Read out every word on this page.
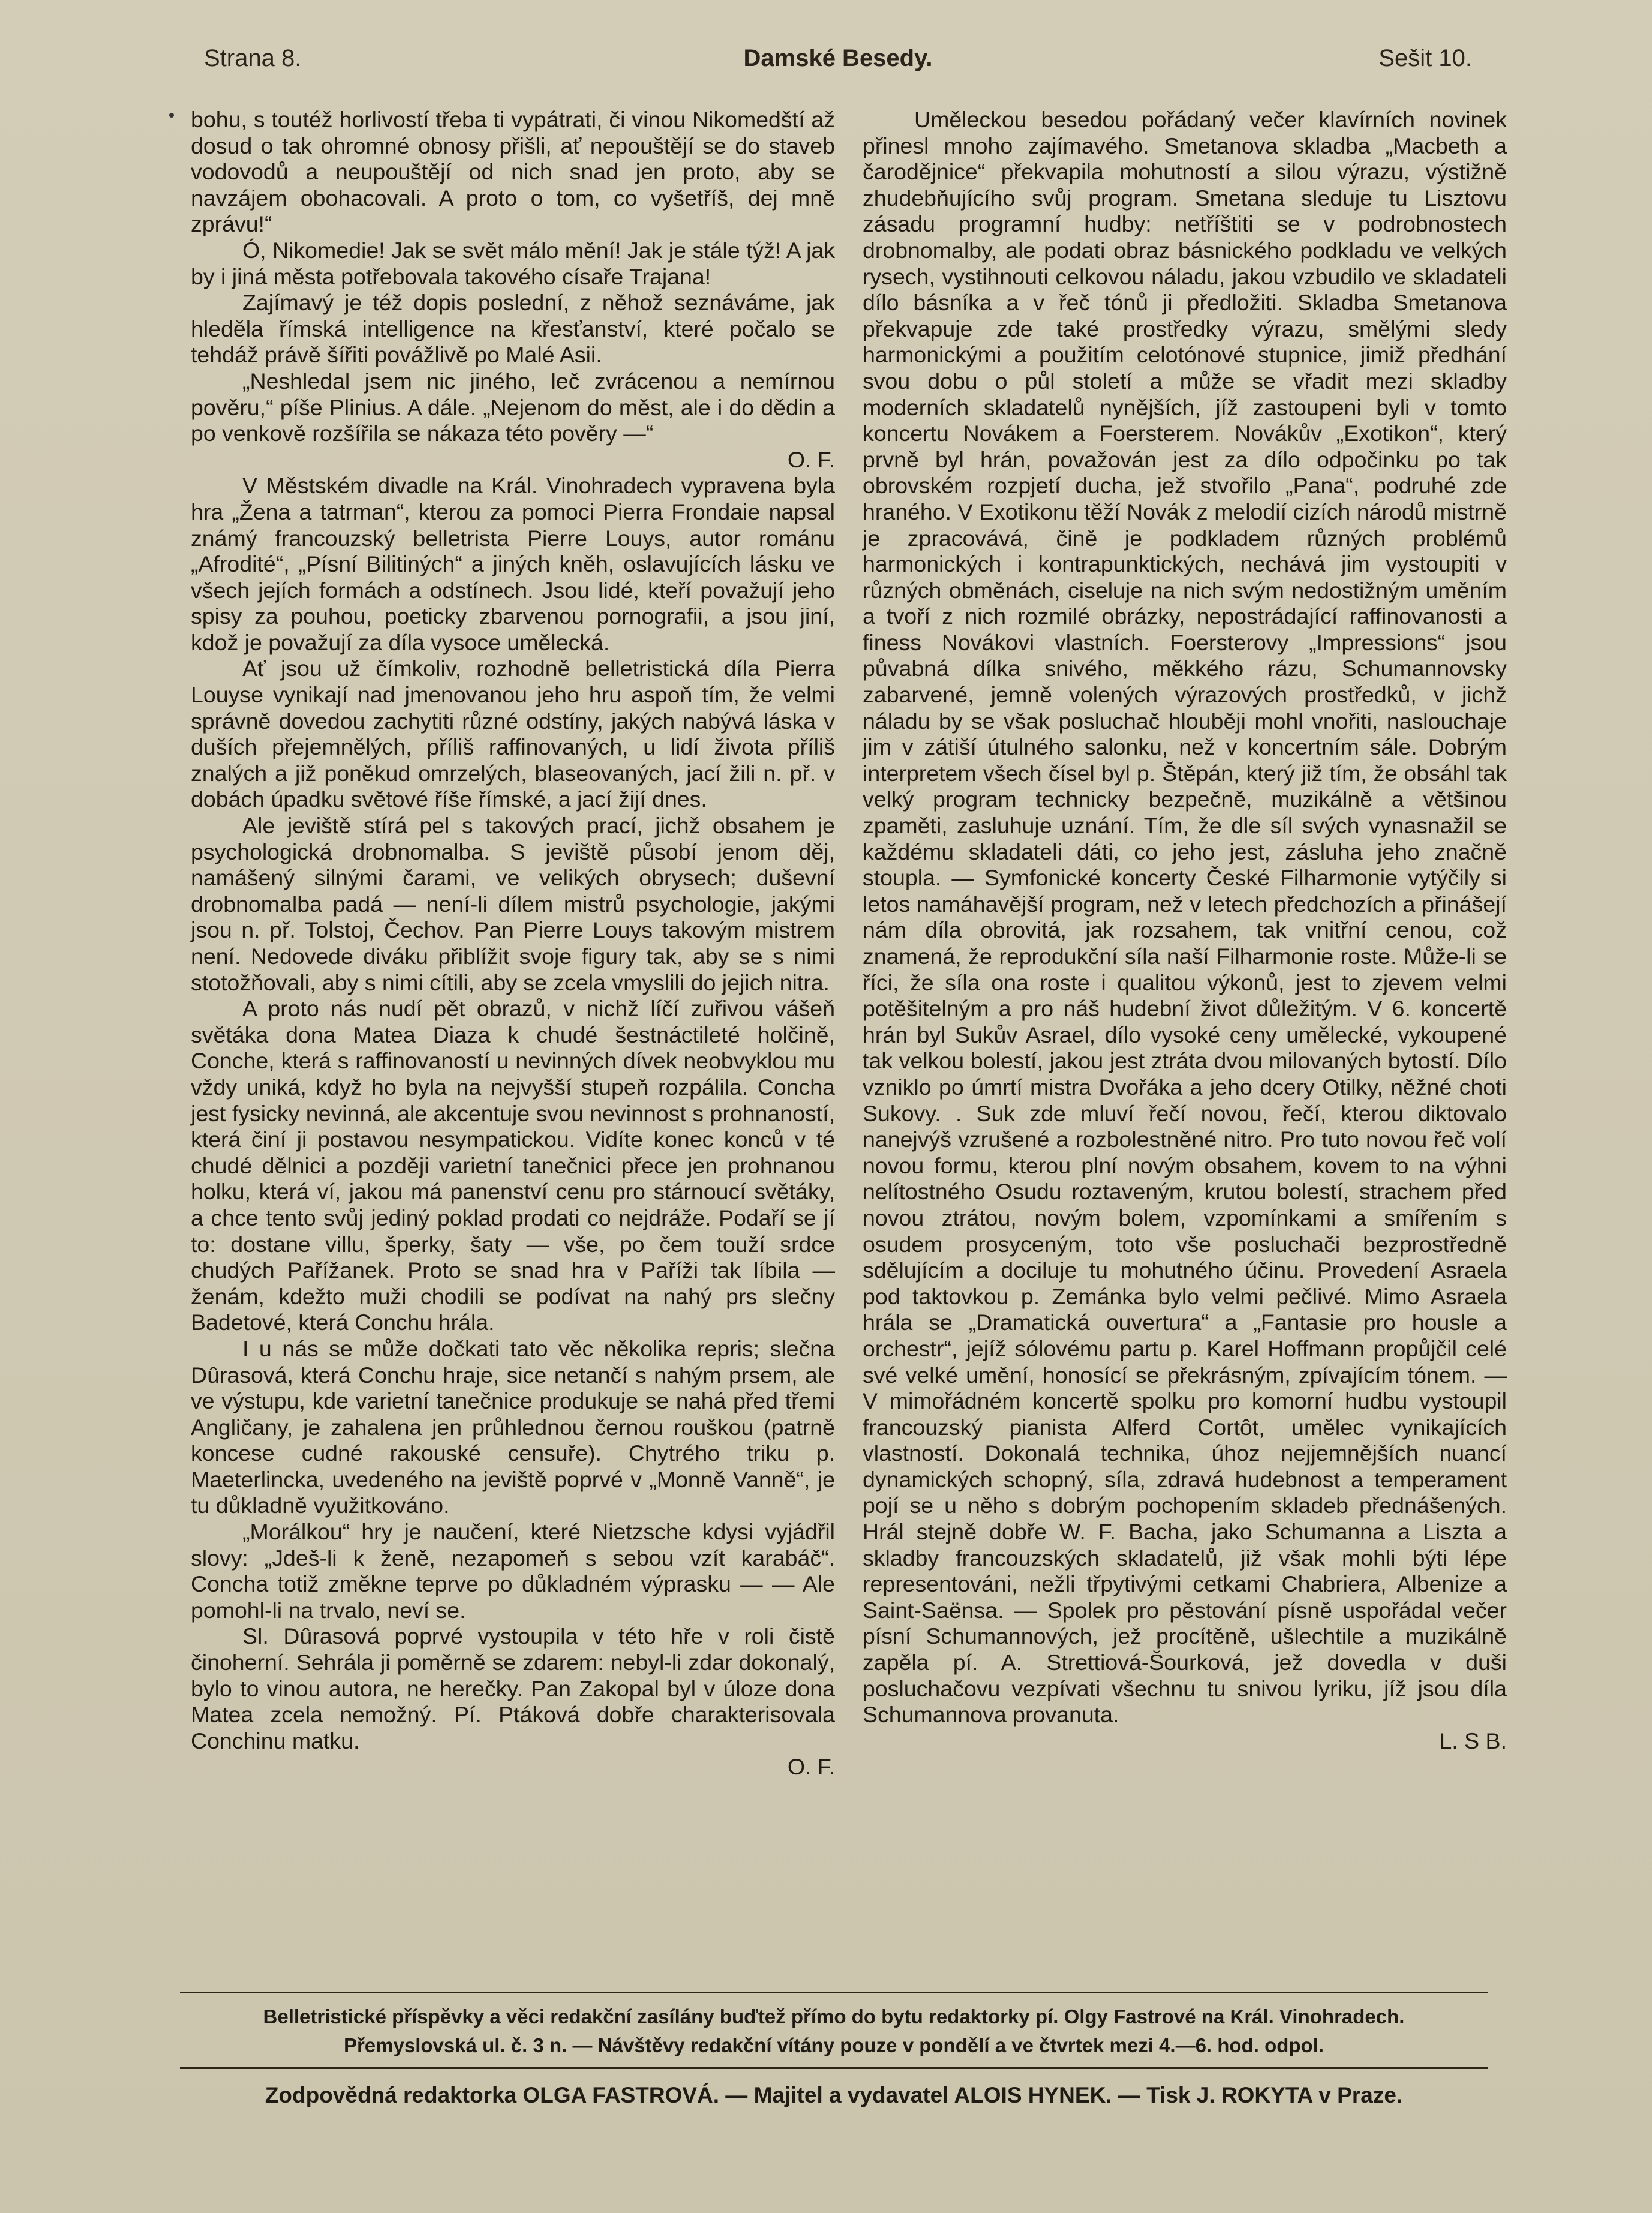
Strana 8.	Damské Besedy.	Sešit 10.

bohu, s toutéž horlivostí třeba ti vypátrati, či vinou Nikomedští až dosud o tak ohromné obnosy přišli, ať nepouštějí se do staveb vodovodů a neupouštějí od nich snad jen proto, aby se navzájem obohacovali. A proto o tom, co vyšetříš, dej mně zprávu!“

Ó, Nikomedie! Jak se svět málo mění! Jak je stále týž! A jak by i jiná města potřebovala takového císaře Trajana!

Zajímavý je též dopis poslední, z něhož seznáváme, jak hleděla římská intelligence na křesťanství, které počalo se tehdáž právě šířiti povážlivě po Malé Asii.

„Neshledal jsem nic jiného, leč zvrácenou a nemírnou pověru,“ píše Plinius. A dále. „Nejenom do měst, ale i do dědin a po venkově rozšířila se nákaza této pověry —“

O. F.

V Městském divadle na Král. Vinohradech vypravena byla hra „Žena a tatrman“, kterou za pomoci Pierra Frondaie napsal známý francouzský belletrista Pierre Louys, autor románu „Afrodité“, „Písní Bilitiných“ a jiných kněh, oslavujících lásku ve všech jejích formách a odstínech. Jsou lidé, kteří považují jeho spisy za pouhou, poeticky zbarvenou pornografii, a jsou jiní, kdož je považují za díla vysoce umělecká.

Ať jsou už čímkoliv, rozhodně belletristická díla Pierra Louyse vynikají nad jmenovanou jeho hru aspoň tím, že velmi správně dovedou zachytiti různé odstíny, jakých nabývá láska v duších přejemnělých, příliš raffinovaných, u lidí života příliš znalých a již poněkud omrzelých, blaseovaných, jací žili n. př. v dobách úpadku světové říše římské, a jací žijí dnes.

Ale jeviště stírá pel s takových prací, jichž obsahem je psychologická drobnomalba. S jeviště působí jenom děj, namášený silnými čarami, ve velikých obrysech; duševní drobnomalba padá — není-li dílem mistrů psychologie, jakými jsou n. př. Tolstoj, Čechov. Pan Pierre Louys takovým mistrem není. Nedovede diváku přiblížit svoje figury tak, aby se s nimi stotožňovali, aby s nimi cítili, aby se zcela vmyslili do jejich nitra.

A proto nás nudí pět obrazů, v nichž líčí zuřivou vášeň světáka dona Matea Diaza k chudé šestnáctileté holčině, Conche, která s raffinovaností u nevinných dívek neobvyklou mu vždy uniká, když ho byla na nejvyšší stupeň rozpálila. Concha jest fysicky nevinná, ale akcentuje svou nevinnost s prohnaností, která činí ji postavou nesympatickou. Vidíte konec konců v té chudé dělnici a později varietní tanečnici přece jen prohnanou holku, která ví, jakou má panenství cenu pro stárnoucí světáky, a chce tento svůj jediný poklad prodati co nejdráže. Podaří se jí to: dostane villu, šperky, šaty — vše, po čem touží srdce chudých Pařížanek. Proto se snad hra v Paříži tak líbila — ženám, kdežto muži chodili se podívat na nahý prs slečny Badetové, která Conchu hrála.

I u nás se může dočkati tato věc několika repris; slečna Dûrasová, která Conchu hraje, sice netančí s nahým prsem, ale ve výstupu, kde varietní tanečnice produkuje se nahá před třemi Angličany, je zahalena jen průhlednou černou rouškou (patrně koncese cudné rakouské censuře). Chytrého triku p. Maeterlincka, uvedeného na jeviště poprvé v „Monně Vanně“, je tu důkladně využitkováno.

„Morálkou“ hry je naučení, které Nietzsche kdysi vyjádřil slovy: „Jdeš-li k ženě, nezapomeň s sebou vzít karabáč“. Concha totiž změkne teprve po důkladném výprasku — — Ale pomohl-li na trvalo, neví se.

Sl. Dûrasová poprvé vystoupila v této hře v roli čistě činoherní. Sehrála ji poměrně se zdarem: nebyl-li zdar dokonalý, bylo to vinou autora, ne herečky. Pan Zakopal byl v úloze dona Matea zcela nemožný. Pí. Ptáková dobře charakterisovala Conchinu matku.

O. F.

Uměleckou besedou pořádaný večer klavírních novinek přinesl mnoho zajímavého. Smetanova skladba „Macbeth a čarodějnice“ překvapila mohutností a silou výrazu, výstižně zhudebňujícího svůj program. Smetana sleduje tu Lisztovu zásadu programní hudby: netříštiti se v podrobnostech drobnomalby, ale podati obraz básnického podkladu ve velkých rysech, vystihnouti celkovou náladu, jakou vzbudilo ve skladateli dílo básníka a v řeč tónů ji předložiti. Skladba Smetanova překvapuje zde také prostředky výrazu, smělými sledy harmonickými a použitím celotónové stupnice, jimiž předhání svou dobu o půl století a může se vřadit mezi skladby moderních skladatelů nynějších, jíž zastoupeni byli v tomto koncertu Novákem a Foersterem. Novákův „Exotikon“, který prvně byl hrán, považován jest za dílo odpočinku po tak obrovském rozpjetí ducha, jež stvořilo „Pana“, podruhé zde hraného. V Exotikonu těží Novák z melodií cizích národů mistrně je zpracovává, čině je podkladem různých problémů harmonických i kontrapunktických, nechává jim vystoupiti v různých obměnách, ciseluje na nich svým nedostižným uměním a tvoří z nich rozmilé obrázky, nepostrádající raffinovanosti a finess Novákovi vlastních. Foersterovy „Impressions“ jsou půvabná dílka snivého, měkkého rázu, Schumannovsky zabarvené, jemně volených výrazových prostředků, v jichž náladu by se však posluchač hlouběji mohl vnořiti, naslouchaje jim v zátiší útulného salonku, než v koncertním sále. Dobrým interpretem všech čísel byl p. Štěpán, který již tím, že obsáhl tak velký program technicky bezpečně, muzikálně a většinou zpaměti, zasluhuje uznání. Tím, že dle síl svých vynasnažil se každému skladateli dáti, co jeho jest, zásluha jeho značně stoupla. — Symfonické koncerty České Filharmonie vytýčily si letos namáhavější program, než v letech předchozích a přinášejí nám díla obrovitá, jak rozsahem, tak vnitřní cenou, což znamená, že reprodukční síla naší Filharmonie roste. Může-li se říci, že síla ona roste i qualitou výkonů, jest to zjevem velmi potěšitelným a pro náš hudební život důležitým. V 6. koncertě hrán byl Sukův Asrael, dílo vysoké ceny umělecké, vykoupené tak velkou bolestí, jakou jest ztráta dvou milovaných bytostí. Dílo vzniklo po úmrtí mistra Dvořáka a jeho dcery Otilky, něžné choti Sukovy. . Suk zde mluví řečí novou, řečí, kterou diktovalo nanejvýš vzrušené a rozbolestněné nitro. Pro tuto novou řeč volí novou formu, kterou plní novým obsahem, kovem to na výhni nelítostného Osudu roztaveným, krutou bolestí, strachem před novou ztrátou, novým bolem, vzpomínkami a smířením s osudem prosyceným, toto vše posluchači bezprostředně sdělujícím a dociluje tu mohutného účinu. Provedení Asraela pod taktovkou p. Zemánka bylo velmi pečlivé. Mimo Asraela hrála se „Dramatická ouvertura“ a „Fantasie pro housle a orchestr“, jejíž sólovému partu p. Karel Hoffmann propůjčil celé své velké umění, honosící se překrásným, zpívajícím tónem. — V mimořádném koncertě spolku pro komorní hudbu vystoupil francouzský pianista Alferd Cortôt, umělec vynikajících vlastností. Dokonalá technika, úhoz nejjemnějších nuancí dynamických schopný, síla, zdravá hudebnost a temperament pojí se u něho s dobrým pochopením skladeb přednášených. Hrál stejně dobře W. F. Bacha, jako Schumanna a Liszta a skladby francouzských skladatelů, již však mohli býti lépe representováni, nežli třpytivými cetkami Chabriera, Albenize a Saint-Saënsa. — Spolek pro pěstování písně uspořádal večer písní Schumannových, jež procítěně, ušlechtile a muzikálně zapěla pí. A. Strettiová-Šourková, jež dovedla v duši posluchačovu vezpívati všechnu tu snivou lyriku, jíž jsou díla Schumannova provanuta.

L. S B.
Belletristické příspěvky a věci redakční zasílány buďtež přímo do bytu redaktorky pí. Olgy Fastrové na Král. Vinohradech.
Přemyslovská ul. č. 3 n. — Návštěvy redakční vítány pouze v pondělí a ve čtvrtek mezi 4.—6. hod. odpol.
Zodpovědná redaktorka OLGA FASTROVÁ. — Majitel a vydavatel ALOIS HYNEK. — Tisk J. ROKYTA v Praze.
